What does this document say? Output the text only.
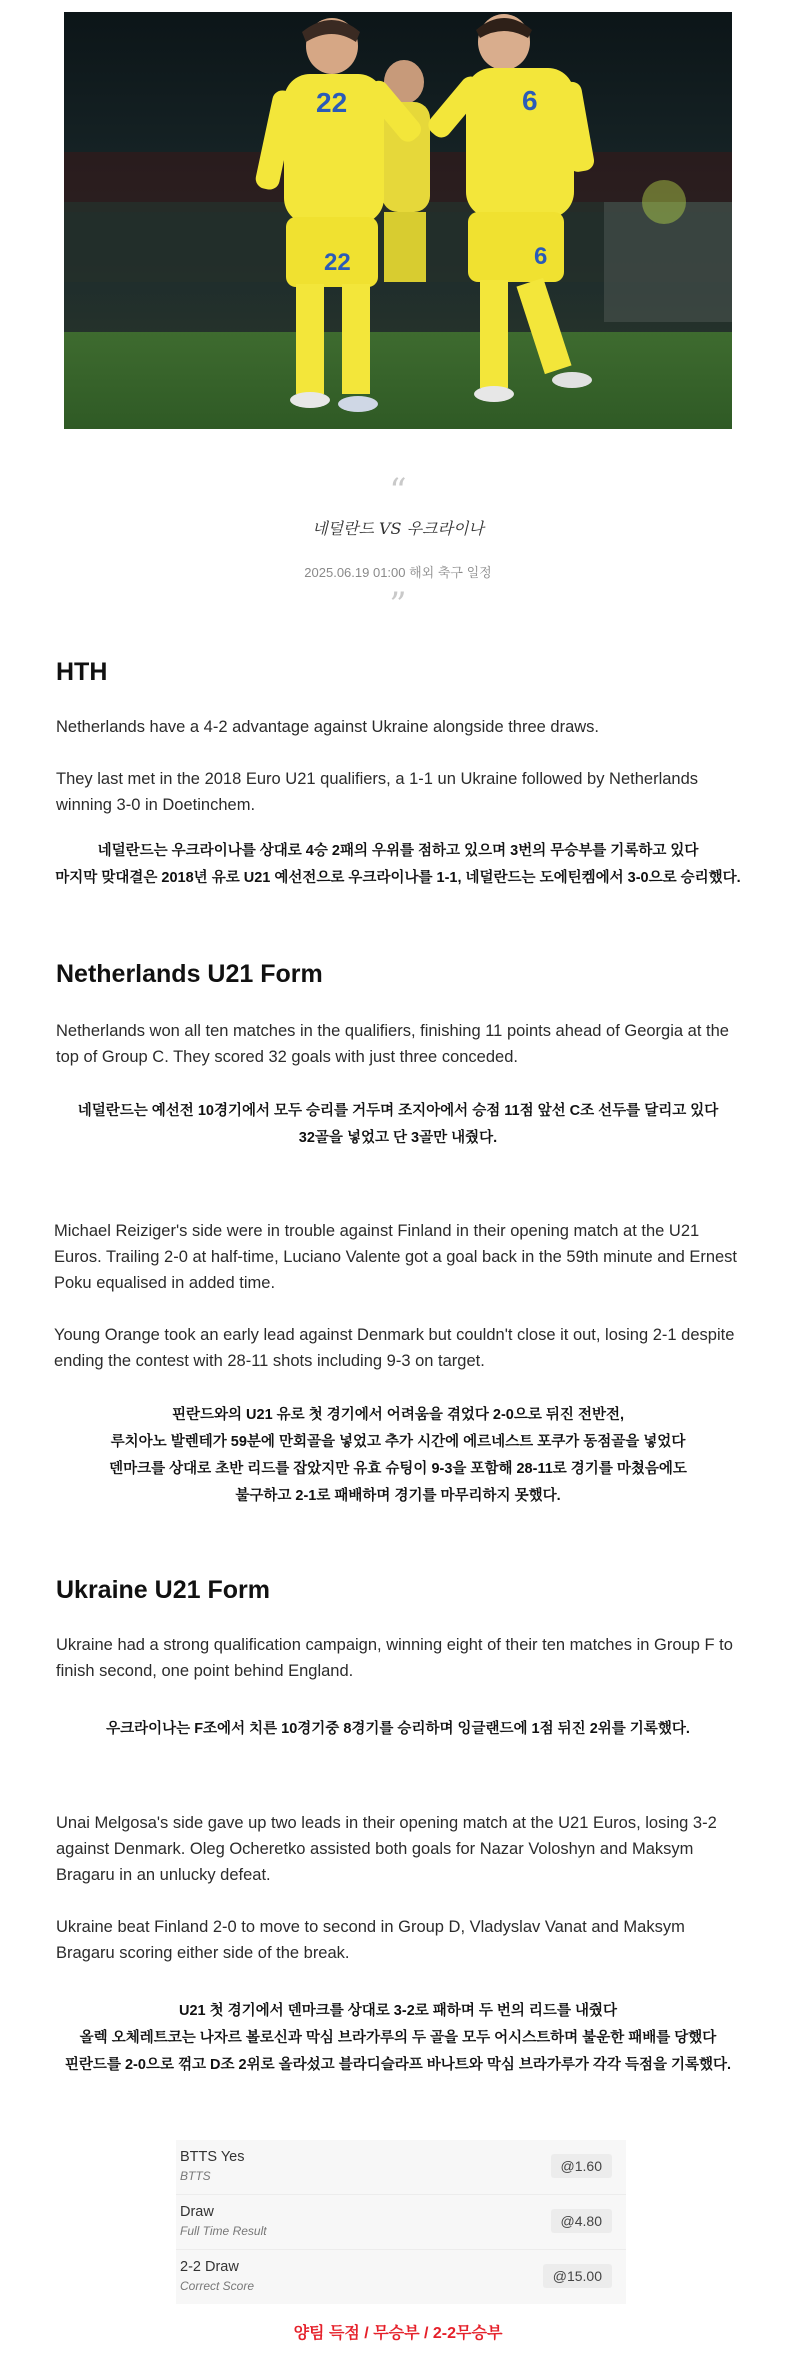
22
22
6
6
“
네덜란드 VS 우크라이나
2025.06.19 01:00 해외 축구 일정
”
HTH

Netherlands have a 4-2 advantage against Ukraine alongside three draws.

They last met in the 2018 Euro U21 qualifiers, a 1-1 un Ukraine followed by Netherlands winning 3-0 in Doetinchem.

네덜란드는 우크라이나를 상대로 4승 2패의 우위를 점하고 있으며 3번의 무승부를 기록하고 있다

마지막 맞대결은 2018년 유로 U21 예선전으로 우크라이나를 1-1, 네덜란드는 도에틴켐에서 3-0으로 승리했다.

Netherlands U21 Form

Netherlands won all ten matches in the qualifiers, finishing 11 points ahead of Georgia at the top of Group C. They scored 32 goals with just three conceded.

네덜란드는 예선전 10경기에서 모두 승리를 거두며 조지아에서 승점 11점 앞선 C조 선두를 달리고 있다

32골을 넣었고 단 3골만 내줬다.

Michael Reiziger's side were in trouble against Finland in their opening match at the U21 Euros. Trailing 2-0 at half-time, Luciano Valente got a goal back in the 59th minute and Ernest Poku equalised in added time.

Young Orange took an early lead against Denmark but couldn't close it out, losing 2-1 despite ending the contest with 28-11 shots including 9-3 on target.

핀란드와의 U21 유로 첫 경기에서 어려움을 겪었다 2-0으로 뒤진 전반전,

루치아노 발렌테가 59분에 만회골을 넣었고 추가 시간에 에르네스트 포쿠가 동점골을 넣었다

덴마크를 상대로 초반 리드를 잡았지만 유효 슈팅이 9-3을 포함해 28-11로 경기를 마쳤음에도

불구하고 2-1로 패배하며 경기를 마무리하지 못했다.

Ukraine U21 Form

Ukraine had a strong qualification campaign, winning eight of their ten matches in Group F to finish second, one point behind England.

우크라이나는 F조에서 치른 10경기중 8경기를 승리하며 잉글랜드에 1점 뒤진 2위를 기록했다.

Unai Melgosa's side gave up two leads in their opening match at the U21 Euros, losing 3-2 against Denmark. Oleg Ocheretko assisted both goals for Nazar Voloshyn and Maksym Bragaru in an unlucky defeat.

Ukraine beat Finland 2-0 to move to second in Group D, Vladyslav Vanat and Maksym Bragaru scoring either side of the break.

U21 첫 경기에서 덴마크를 상대로 3-2로 패하며 두 번의 리드를 내줬다

올렉 오체레트코는 나자르 볼로신과 막심 브라가루의 두 골을 모두 어시스트하며 불운한 패배를 당했다

핀란드를 2-0으로 꺾고 D조 2위로 올라섰고 블라디슬라프 바나트와 막심 브라가루가 각각 득점을 기록했다.

BTTS Yes
BTTS
@1.60
Draw
Full Time Result
@4.80
2-2 Draw
Correct Score
@15.00
양팀 득점 / 무승부 / 2-2무승부
